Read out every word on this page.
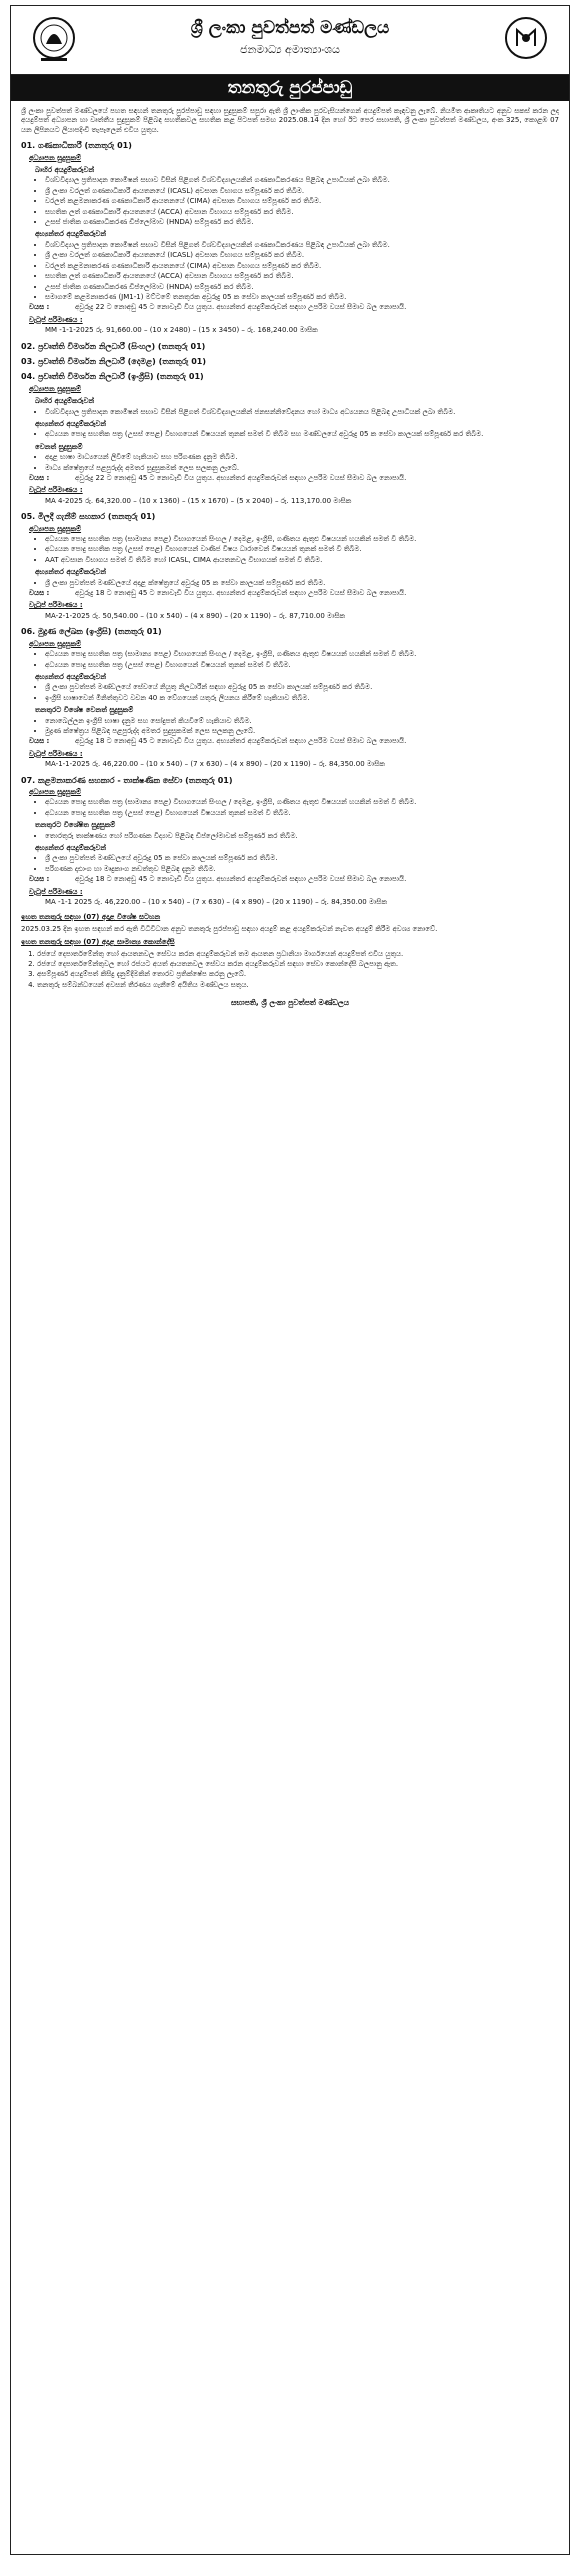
ශ්‍රී ලංකා පුවත්පත් මණ්ඩලය
ජනමාධ්‍ය අමාත්‍යාංශය
තනතුරු පුරප්පාඩු
ශ්‍රී ලංකා පුවත්පත් මණ්ඩලයේ පහත සඳහන් තනතුරු පුරප්පාඩු සඳහා සුදුසුකම් සපුරා ඇති ශ්‍රී ලාංකික පුරවැසියන්ගෙන් අයදුම්පත් කැඳවනු ලැබේ. නියමිත ආකෘතියට අනුව සකස් කරන ලද අයදුම්පත් අධ්‍යාපන හා වෘත්තීය සුදුසුකම් පිළිබඳ සහතිකවල සහතික කළ පිටපත් සමඟ 2025.08.14 දින හෝ ඊට පෙර සභාපති, ශ්‍රී ලංකා පුවත්පත් මණ්ඩලය, අංක 325, කොළඹ 07 යන ලිපිනයට ලියාපදිංචි තැපෑලෙන් එවිය යුතුය.
01. ගණකාධිකාරී (තනතුරු 01)
අධ්‍යාපන සුදුසුකම්
බාහිර අයදුම්කරුවන්
• විශ්වවිද්‍යාල ප්‍රතිපාදන කොමිෂන් සභාව විසින් පිළිගත් විශ්වවිද්‍යාලයකින් ගණකාධිකරණය පිළිබඳ උපාධියක් ලබා තිබීම.
• ශ්‍රී ලංකා වරලත් ගණකාධිකාරී ආයතනයේ (ICASL) අවසාන විභාගය සම්පූර්ණ කර තිබීම.
• වරලත් කළමනාකරණ ගණකාධිකාරී ආයතනයේ (CIMA) අවසාන විභාගය සම්පූර්ණ කර තිබීම.
• සහතික ලත් ගණකාධිකාරී ආයතනයේ (ACCA) අවසාන විභාගය සම්පූර්ණ කර තිබීම.
• උසස් ජාතික ගණකාධිකරණ ඩිප්ලෝමාව (HNDA) සම්පූර්ණ කර තිබීම.
අභ්‍යන්තර අයදුම්කරුවන්
• විශ්වවිද්‍යාල ප්‍රතිපාදන කොමිෂන් සභාව විසින් පිළිගත් විශ්වවිද්‍යාලයකින් ගණකාධිකරණය පිළිබඳ උපාධියක් ලබා තිබීම.
• ශ්‍රී ලංකා වරලත් ගණකාධිකාරී ආයතනයේ (ICASL) අවසාන විභාගය සම්පූර්ණ කර තිබීම.
• වරලත් කළමනාකරණ ගණකාධිකාරී ආයතනයේ (CIMA) අවසාන විභාගය සම්පූර්ණ කර තිබීම.
• සහතික ලත් ගණකාධිකාරී ආයතනයේ (ACCA) අවසාන විභාගය සම්පූර්ණ කර තිබීම.
• උසස් ජාතික ගණකාධිකරණ ඩිප්ලෝමාව (HNDA) සම්පූර්ණ කර තිබීම.
• සමාගමේ කළමනාකරණ (JM1-1) මට්ටමේ තනතුරක අවුරුදු 05 ක සේවා කාලයක් සම්පූර්ණ කර තිබීම.
වයස :	අවුරුදු 22 ට නොඅඩු 45 ට නොවැඩි විය යුතුය. අභ්‍යන්තර අයදුම්කරුවන් සඳහා උපරිම වයස් සීමාව බල නොපායි.
වැටුප් පරිමාණය :
MM -1-1-2025 රු. 91,660.00 – (10 x 2480) – (15 x 3450) – රු. 168,240.00 මාසික
02. ප්‍රවෘත්ති විමර්ශන නිලධාරී (සිංහල) (තනතුරු 01)
03. ප්‍රවෘත්ති විමර්ශන නිලධාරී (දෙමළ) (තනතුරු 01)
04. ප්‍රවෘත්ති විමර්ශන නිලධාරී (ඉංග්‍රීසි) (තනතුරු 01)
අධ්‍යාපන සුදුසුකම්
බාහිර අයදුම්කරුවන්
• විශ්වවිද්‍යාල ප්‍රතිපාදන කොමිෂන් සභාව විසින් පිළිගත් විශ්වවිද්‍යාලයකින් ජනසන්නිවේදනය හෝ මාධ්‍ය අධ්‍යයනය පිළිබඳ උපාධියක් ලබා තිබීම.
අභ්‍යන්තර අයදුම්කරුවන්
• අධ්‍යයන පොදු සහතික පත්‍ර (උසස් පෙළ) විභාගයෙන් විෂයයන් තුනක් සමත් වී තිබීම සහ මණ්ඩලයේ අවුරුදු 05 ක සේවා කාලයක් සම්පූර්ණ කර තිබීම.
වෙනත් සුදුසුකම්
• අදාළ භාෂා මාධ්‍යයෙන් ලිවීමේ හැකියාව සහ පරිගණක දැනුම තිබීම.
• මාධ්‍ය ක්ෂේත්‍රයේ පළපුරුද්ද අමතර සුදුසුකමක් ලෙස සලකනු ලැබේ.
වයස :	අවුරුදු 22 ට නොඅඩු 45 ට නොවැඩි විය යුතුය. අභ්‍යන්තර අයදුම්කරුවන් සඳහා උපරිම වයස් සීමාව බල නොපායි.
වැටුප් පරිමාණය :
MA 4-2025 රු. 64,320.00 – (10 x 1360) – (15 x 1670) – (5 x 2040) – රු. 113,170.00 මාසික
05. මිලදී ගැනීම් සහකාර (තනතුරු 01)
අධ්‍යාපන සුදුසුකම්
• අධ්‍යයන පොදු සහතික පත්‍ර (සාමාන්‍ය පෙළ) විභාගයෙන් සිංහල / දෙමළ, ඉංග්‍රීසි, ගණිතය ඇතුළු විෂයයන් හයකින් සමත් වී තිබීම.
• අධ්‍යයන පොදු සහතික පත්‍ර (උසස් පෙළ) විභාගයෙන් වාණිජ විෂය ධාරාවෙන් විෂයයන් තුනක් සමත් වී තිබීම.
• AAT අවසාන විභාගය සමත් වී තිබීම හෝ ICASL, CIMA ආයතනවල විභාගයක් සමත් වී තිබීම.
අභ්‍යන්තර අයදුම්කරුවන්
• ශ්‍රී ලංකා පුවත්පත් මණ්ඩලයේ අදාළ ක්ෂේත්‍රයේ අවුරුදු 05 ක සේවා කාලයක් සම්පූර්ණ කර තිබීම.
වයස :	අවුරුදු 18 ට නොඅඩු 45 ට නොවැඩි විය යුතුය. අභ්‍යන්තර අයදුම්කරුවන් සඳහා උපරිම වයස් සීමාව බල නොපායි.
වැටුප් පරිමාණය :
MA-2-1-2025 රු. 50,540.00 – (10 x 540) – (4 x 890) – (20 x 1190) – රු. 87,710.00 මාසික
06. මුද්‍රණ ලේඛක (ඉංග්‍රීසි) (තනතුරු 01)
අධ්‍යාපන සුදුසුකම්
• අධ්‍යයන පොදු සහතික පත්‍ර (සාමාන්‍ය පෙළ) විභාගයෙන් සිංහල / දෙමළ, ඉංග්‍රීසි, ගණිතය ඇතුළු විෂයයන් හයකින් සමත් වී තිබීම.
• අධ්‍යයන පොදු සහතික පත්‍ර (උසස් පෙළ) විභාගයෙන් විෂයයන් තුනක් සමත් වී තිබීම.
අභ්‍යන්තර අයදුම්කරුවන්
• ශ්‍රී ලංකා පුවත්පත් මණ්ඩලයේ සේවයේ නියුතු නිලධාරීන් සඳහා අවුරුදු 05 ක සේවා කාලයක් සම්පූර්ණ කර තිබීම.
• ඉංග්‍රීසි භාෂාවෙන් මිනිත්තුවට වචන 40 ක වේගයෙන් යතුරු ලියනය කිරීමේ හැකියාව තිබීම.
තනතුරට විශේෂ වෙනත් සුදුසුකම්
• නොබෙල්ලන ඉංග්‍රීසි භාෂා දැනුම සහ සෝදුපත් කියවීමේ හැකියාව තිබීම.
• මුද්‍රණ ක්ෂේත්‍රය පිළිබඳ පළපුරුද්ද අමතර සුදුසුකමක් ලෙස සලකනු ලැබේ.
වයස :	අවුරුදු 18 ට නොඅඩු 45 ට නොවැඩි විය යුතුය. අභ්‍යන්තර අයදුම්කරුවන් සඳහා උපරිම වයස් සීමාව බල නොපායි.
වැටුප් පරිමාණය :
MA-1-1-2025 රු. 46,220.00 – (10 x 540) – (7 x 630) – (4 x 890) – (20 x 1190) – රු. 84,350.00 මාසික
07. කළමනාකරණ සහකාර - තාක්ෂණික සේවා (තනතුරු 01)
අධ්‍යාපන සුදුසුකම්
• අධ්‍යයන පොදු සහතික පත්‍ර (සාමාන්‍ය පෙළ) විභාගයෙන් සිංහල / දෙමළ, ඉංග්‍රීසි, ගණිතය ඇතුළු විෂයයන් හයකින් සමත් වී තිබීම.
• අධ්‍යයන පොදු සහතික පත්‍ර (උසස් පෙළ) විභාගයෙන් විෂයයන් තුනක් සමත් වී තිබීම.
තනතුරට විශේෂිත සුදුසුකම්
• තොරතුරු තාක්ෂණය හෝ පරිගණක විද්‍යාව පිළිබඳ ඩිප්ලෝමාවක් සම්පූර්ණ කර තිබීම.
අභ්‍යන්තර අයදුම්කරුවන්
• ශ්‍රී ලංකා පුවත්පත් මණ්ඩලයේ අවුරුදු 05 ක සේවා කාලයක් සම්පූර්ණ කර තිබීම.
• පරිගණක දෘඪාංග හා මෘදුකාංග නඩත්තුව පිළිබඳ දැනුම තිබීම.
වයස :	අවුරුදු 18 ට නොඅඩු 45 ට නොවැඩි විය යුතුය. අභ්‍යන්තර අයදුම්කරුවන් සඳහා උපරිම වයස් සීමාව බල නොපායි.
වැටුප් පරිමාණය :
MA -1-1 2025 රු. 46,220.00 – (10 x 540) – (7 x 630) – (4 x 890) – (20 x 1190) – රු. 84,350.00 මාසික
ඉහත තනතුරු සඳහා (07) අදාළ විශේෂ සටහන
2025.03.25 දින ඉහත සඳහන් කර ඇති විධිවිධාන අනුව තනතුරු පුරප්පාඩු සඳහා අයදුම් කළ අයදුම්කරුවන් නැවත අයදුම් කිරීම අවශ්‍ය නොවේ.
ඉහත තනතුරු සඳහා (07) අදාළ සාමාන්‍ය කොන්දේසි
1. රජයේ දෙපාර්තමේන්තු හෝ ආයතනවල සේවය කරන අයදුම්කරුවන් තම ආයතන ප්‍රධානියා මාර්ගයෙන් අයදුම්පත් එවිය යුතුය.
2. රජයේ දෙපාර්තමේන්තුවල හෝ රජයට අයත් ආයතනවල සේවය කරන අයදුම්කරුවන් සඳහා සේවා කොන්දේසි බලපානු ඇත.
3. අසම්පූර්ණ අයදුම්පත් කිසිදු දැනුම්දීමකින් තොරව ප්‍රතික්ෂේප කරනු ලැබේ.
4. තනතුරු සම්බන්ධයෙන් අවසන් තීරණය ගැනීමේ අයිතිය මණ්ඩලය සතුය.
සභාපති, ශ්‍රී ලංකා පුවත්පත් මණ්ඩලය
